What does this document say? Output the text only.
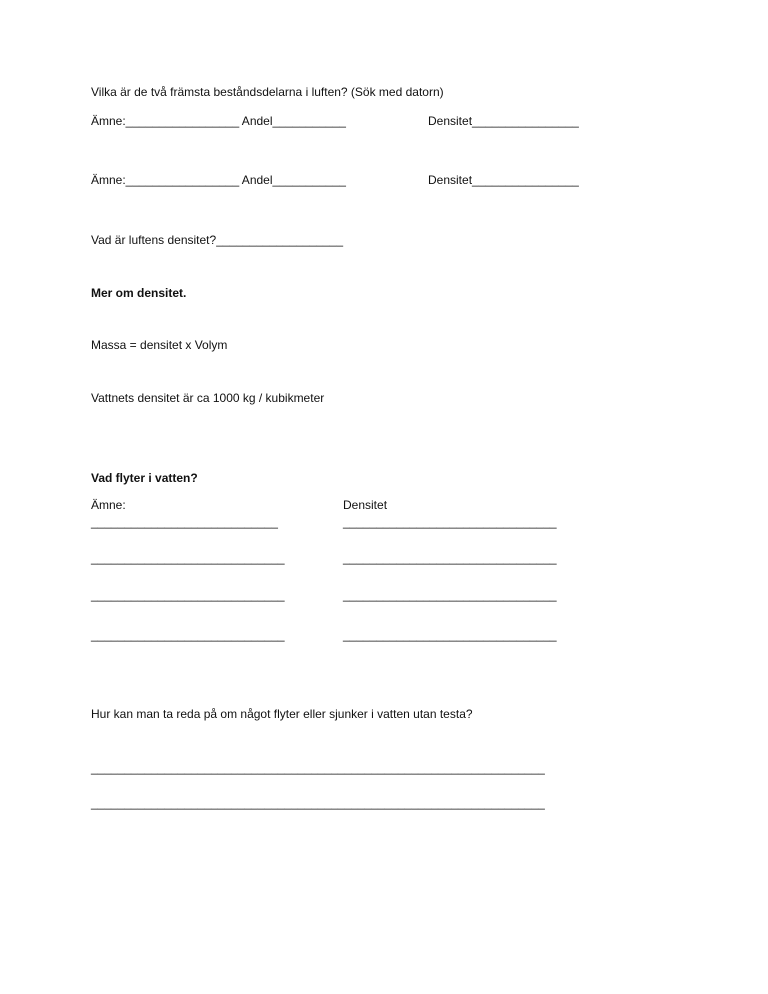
Vilka är de två främsta beståndsdelarna i luften? (Sök med datorn)
Ämne:_________________ Andel___________	Densitet________________
Ämne:_________________ Andel___________	Densitet________________
Vad är luftens densitet?___________________
Mer om densitet.
Massa = densitet x Volym
Vattnets densitet är ca 1000 kg / kubikmeter
Vad flyter i vatten?
Ämne:	Densitet
____________________________	________________________________
_____________________________	________________________________
_____________________________	________________________________
_____________________________	________________________________
Hur kan man ta reda på om något flyter eller sjunker i vatten utan testa?
____________________________________________________________________
____________________________________________________________________
